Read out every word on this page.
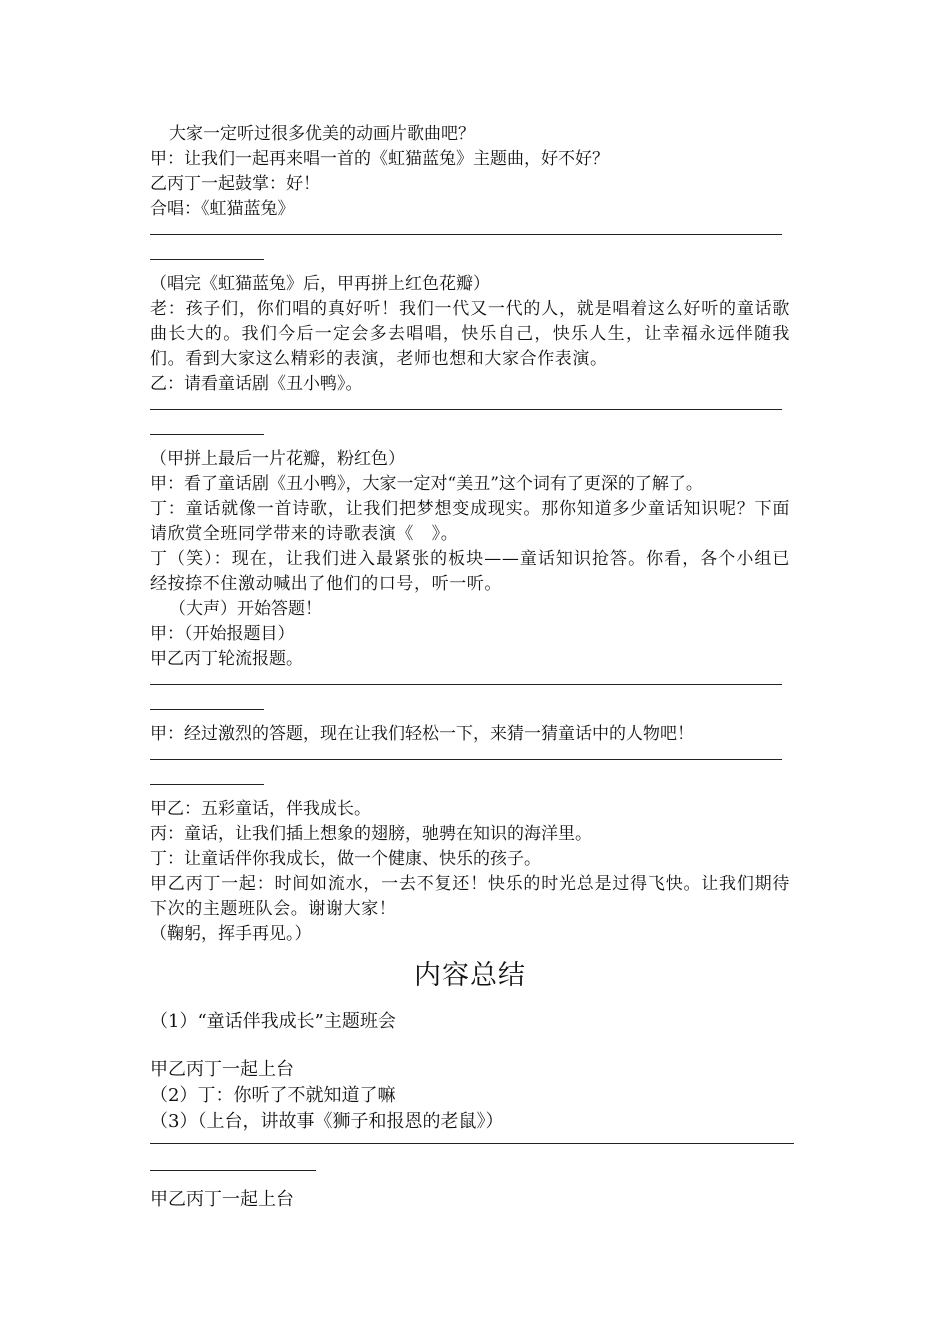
大家一定听过很多优美的动画片歌曲吧？
甲：让我们一起再来唱一首的《虹猫蓝兔》主题曲，好不好？
乙丙丁一起鼓掌：好！
合唱：《虹猫蓝兔》
（唱完《虹猫蓝兔》后，甲再拼上红色花瓣）
老：孩子们，你们唱的真好听！我们一代又一代的人，就是唱着这么好听的童话歌曲长大的。我们今后一定会多去唱唱，快乐自己，快乐人生，让幸福永远伴随我们。看到大家这么精彩的表演，老师也想和大家合作表演。
乙：请看童话剧《丑小鸭》。
（甲拼上最后一片花瓣，粉红色）
甲：看了童话剧《丑小鸭》，大家一定对“美丑”这个词有了更深的了解了。
丁：童话就像一首诗歌，让我们把梦想变成现实。那你知道多少童话知识呢？下面请欣赏全班同学带来的诗歌表演《　》。
丁（笑）：现在，让我们进入最紧张的板块——童话知识抢答。你看，各个小组已经按捺不住激动喊出了他们的口号，听一听。
（大声）开始答题！
甲：（开始报题目）
甲乙丙丁轮流报题。
甲：经过激烈的答题，现在让我们轻松一下，来猜一猜童话中的人物吧！
甲乙：五彩童话，伴我成长。
丙：童话，让我们插上想象的翅膀，驰骋在知识的海洋里。
丁：让童话伴你我成长，做一个健康、快乐的孩子。
甲乙丙丁一起：时间如流水，一去不复还！快乐的时光总是过得飞快。让我们期待下次的主题班队会。谢谢大家！
（鞠躬，挥手再见。）
内容总结
（1）“童话伴我成长”主题班会
甲乙丙丁一起上台
（2）丁：你听了不就知道了嘛
（3）（上台，讲故事《狮子和报恩的老鼠》）
甲乙丙丁一起上台
